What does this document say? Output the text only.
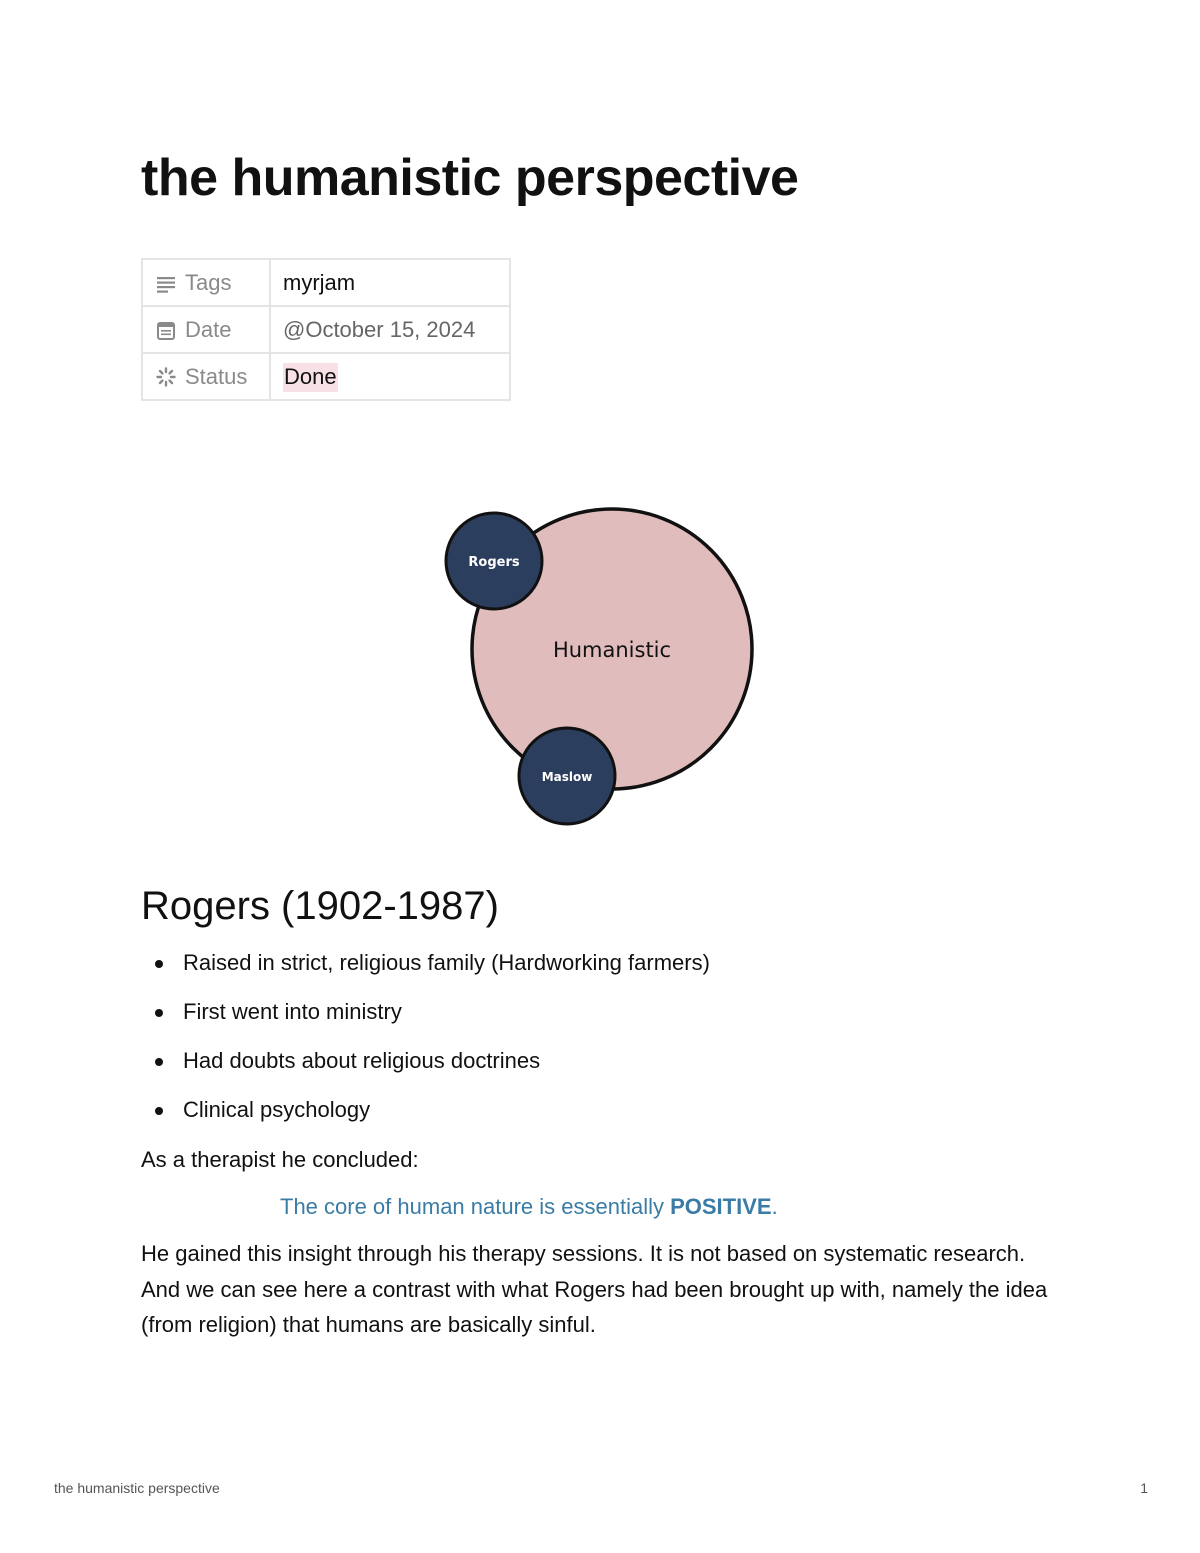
the humanistic perspective
Tags	myrjam
Date	@October 15, 2024
Status	Done
Humanistic
Rogers
Maslow
Rogers (1902-1987)
Raised in strict, religious family (Hardworking farmers)
First went into ministry
Had doubts about religious doctrines
Clinical psychology

As a therapist he concluded:

The core of human nature is essentially POSITIVE.

He gained this insight through his therapy sessions. It is not based on systematic research. And we can see here a contrast with what Rogers had been brought up with, namely the idea (from religion) that humans are basically sinful.

the humanistic perspective	1
